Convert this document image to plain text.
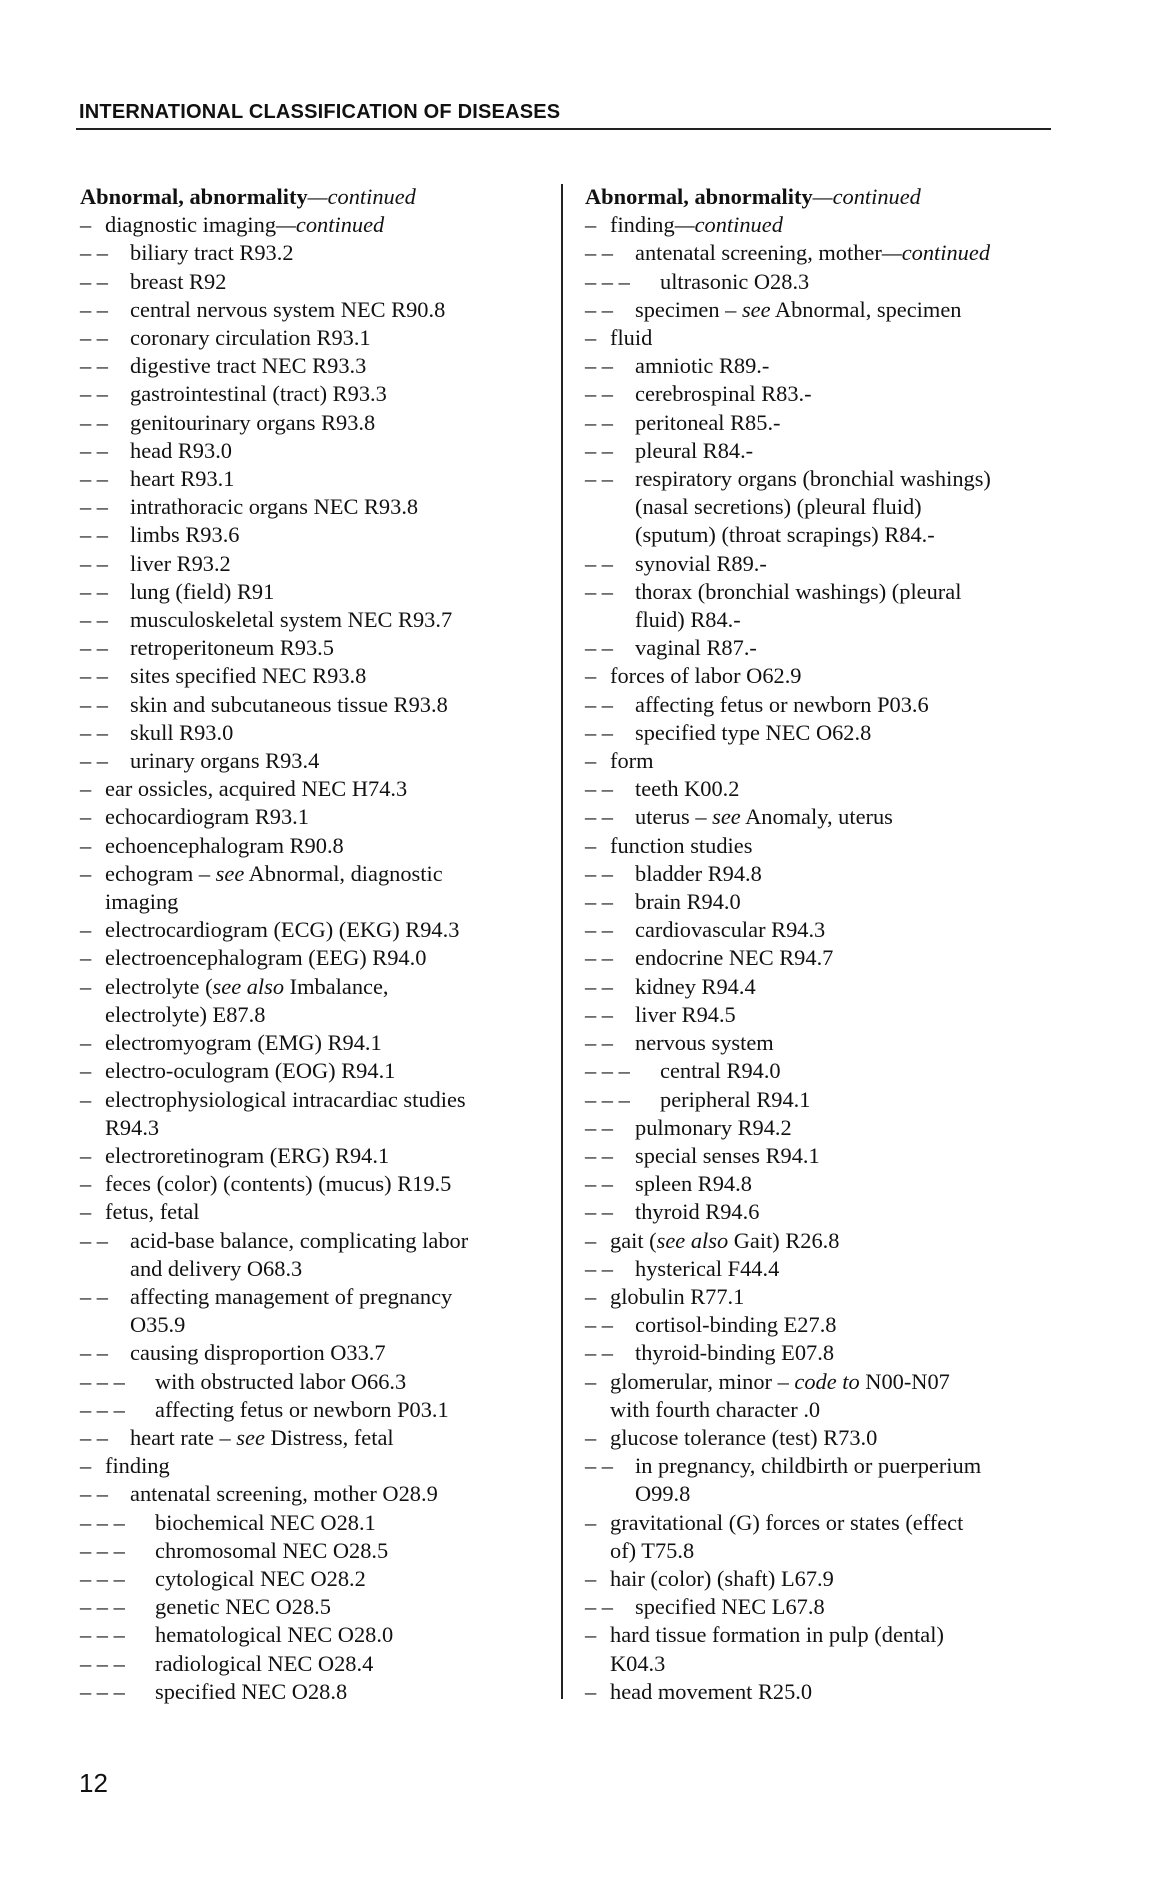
INTERNATIONAL CLASSIFICATION OF DISEASES
Abnormal, abnormality—continued
– diagnostic imaging—continued
– – biliary tract R93.2
– – breast R92
– – central nervous system NEC R90.8
– – coronary circulation R93.1
– – digestive tract NEC R93.3
– – gastrointestinal (tract) R93.3
– – genitourinary organs R93.8
– – head R93.0
– – heart R93.1
– – intrathoracic organs NEC R93.8
– – limbs R93.6
– – liver R93.2
– – lung (field) R91
– – musculoskeletal system NEC R93.7
– – retroperitoneum R93.5
– – sites specified NEC R93.8
– – skin and subcutaneous tissue R93.8
– – skull R93.0
– – urinary organs R93.4
– ear ossicles, acquired NEC H74.3
– echocardiogram R93.1
– echoencephalogram R90.8
– echogram – see Abnormal, diagnostic
imaging
– electrocardiogram (ECG) (EKG) R94.3
– electroencephalogram (EEG) R94.0
– electrolyte (see also Imbalance,
electrolyte) E87.8
– electromyogram (EMG) R94.1
– electro-oculogram (EOG) R94.1
– electrophysiological intracardiac studies
R94.3
– electroretinogram (ERG) R94.1
– feces (color) (contents) (mucus) R19.5
– fetus, fetal
– – acid-base balance, complicating labor
and delivery O68.3
– – affecting management of pregnancy
O35.9
– – causing disproportion O33.7
– – –	with obstructed labor O66.3
– – –	affecting fetus or newborn P03.1
– – heart rate – see Distress, fetal
– finding
– – antenatal screening, mother O28.9
– – –	biochemical NEC O28.1
– – –	chromosomal NEC O28.5
– – –	cytological NEC O28.2
– – –	genetic NEC O28.5
– – –	hematological NEC O28.0
– – –	radiological NEC O28.4
– – –	specified NEC O28.8
Abnormal, abnormality—continued
– finding—continued
– – antenatal screening, mother—continued
– – –	ultrasonic O28.3
– – specimen – see Abnormal, specimen
– fluid
– – amniotic R89.-
– – cerebrospinal R83.-
– – peritoneal R85.-
– – pleural R84.-
– – respiratory organs (bronchial washings)
(nasal secretions) (pleural fluid)
(sputum) (throat scrapings) R84.-
– – synovial R89.-
– – thorax (bronchial washings) (pleural
fluid) R84.-
– – vaginal R87.-
– forces of labor O62.9
– – affecting fetus or newborn P03.6
– – specified type NEC O62.8
– form
– – teeth K00.2
– – uterus – see Anomaly, uterus
– function studies
– – bladder R94.8
– – brain R94.0
– – cardiovascular R94.3
– – endocrine NEC R94.7
– – kidney R94.4
– – liver R94.5
– – nervous system
– – –	central R94.0
– – –	peripheral R94.1
– – pulmonary R94.2
– – special senses R94.1
– – spleen R94.8
– – thyroid R94.6
– gait (see also Gait) R26.8
– – hysterical F44.4
– globulin R77.1
– – cortisol-binding E27.8
– – thyroid-binding E07.8
– glomerular, minor – code to N00-N07
with fourth character .0
– glucose tolerance (test) R73.0
– – in pregnancy, childbirth or puerperium
O99.8
– gravitational (G) forces or states (effect
of) T75.8
– hair (color) (shaft) L67.9
– – specified NEC L67.8
– hard tissue formation in pulp (dental)
K04.3
– head movement R25.0
12
